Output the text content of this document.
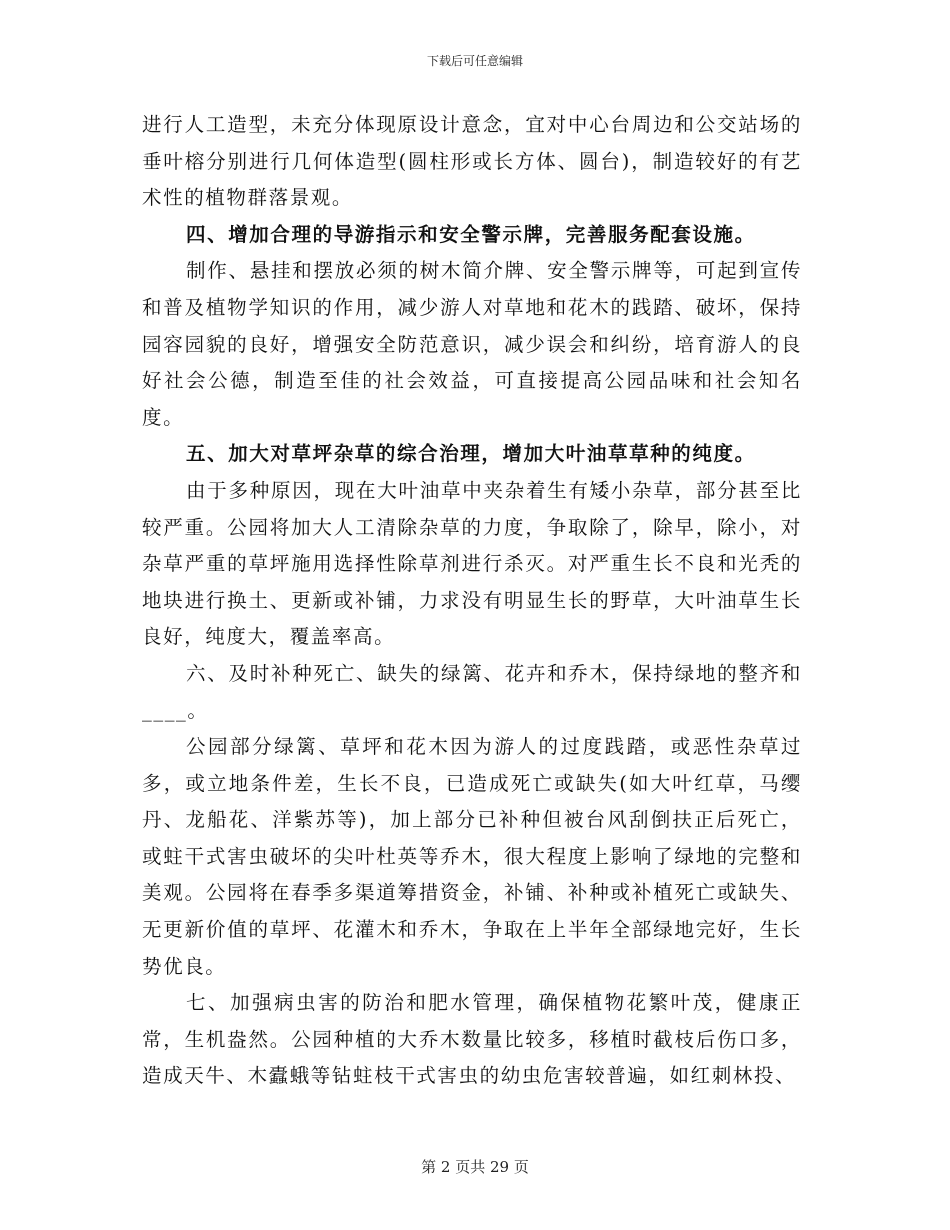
下载后可任意编辑

进行人工造型，未充分体现原设计意念，宜对中心台周边和公交站场的垂叶榕分别进行几何体造型(圆柱形或长方体、圆台)，制造较好的有艺术性的植物群落景观。

四、增加合理的导游指示和安全警示牌，完善服务配套设施。

制作、悬挂和摆放必须的树木简介牌、安全警示牌等，可起到宣传和普及植物学知识的作用，减少游人对草地和花木的践踏、破坏，保持园容园貌的良好，增强安全防范意识，减少误会和纠纷，培育游人的良好社会公德，制造至佳的社会效益，可直接提高公园品味和社会知名度。

五、加大对草坪杂草的综合治理，增加大叶油草草种的纯度。

由于多种原因，现在大叶油草中夹杂着生有矮小杂草，部分甚至比较严重。公园将加大人工清除杂草的力度，争取除了，除早，除小，对杂草严重的草坪施用选择性除草剂进行杀灭。对严重生长不良和光秃的地块进行换土、更新或补铺，力求没有明显生长的野草，大叶油草生长良好，纯度大，覆盖率高。

六、及时补种死亡、缺失的绿篱、花卉和乔木，保持绿地的整齐和____。

公园部分绿篱、草坪和花木因为游人的过度践踏，或恶性杂草过多，或立地条件差，生长不良，已造成死亡或缺失(如大叶红草，马缨丹、龙船花、洋紫苏等)，加上部分已补种但被台风刮倒扶正后死亡，或蛀干式害虫破坏的尖叶杜英等乔木，很大程度上影响了绿地的完整和美观。公园将在春季多渠道筹措资金，补铺、补种或补植死亡或缺失、无更新价值的草坪、花灌木和乔木，争取在上半年全部绿地完好，生长势优良。

七、加强病虫害的防治和肥水管理，确保植物花繁叶茂，健康正常，生机盎然。公园种植的大乔木数量比较多，移植时截枝后伤口多，造成天牛、木蠹蛾等钻蛀枝干式害虫的幼虫危害较普遍，如红刺林投、

第 2 页共 29 页
